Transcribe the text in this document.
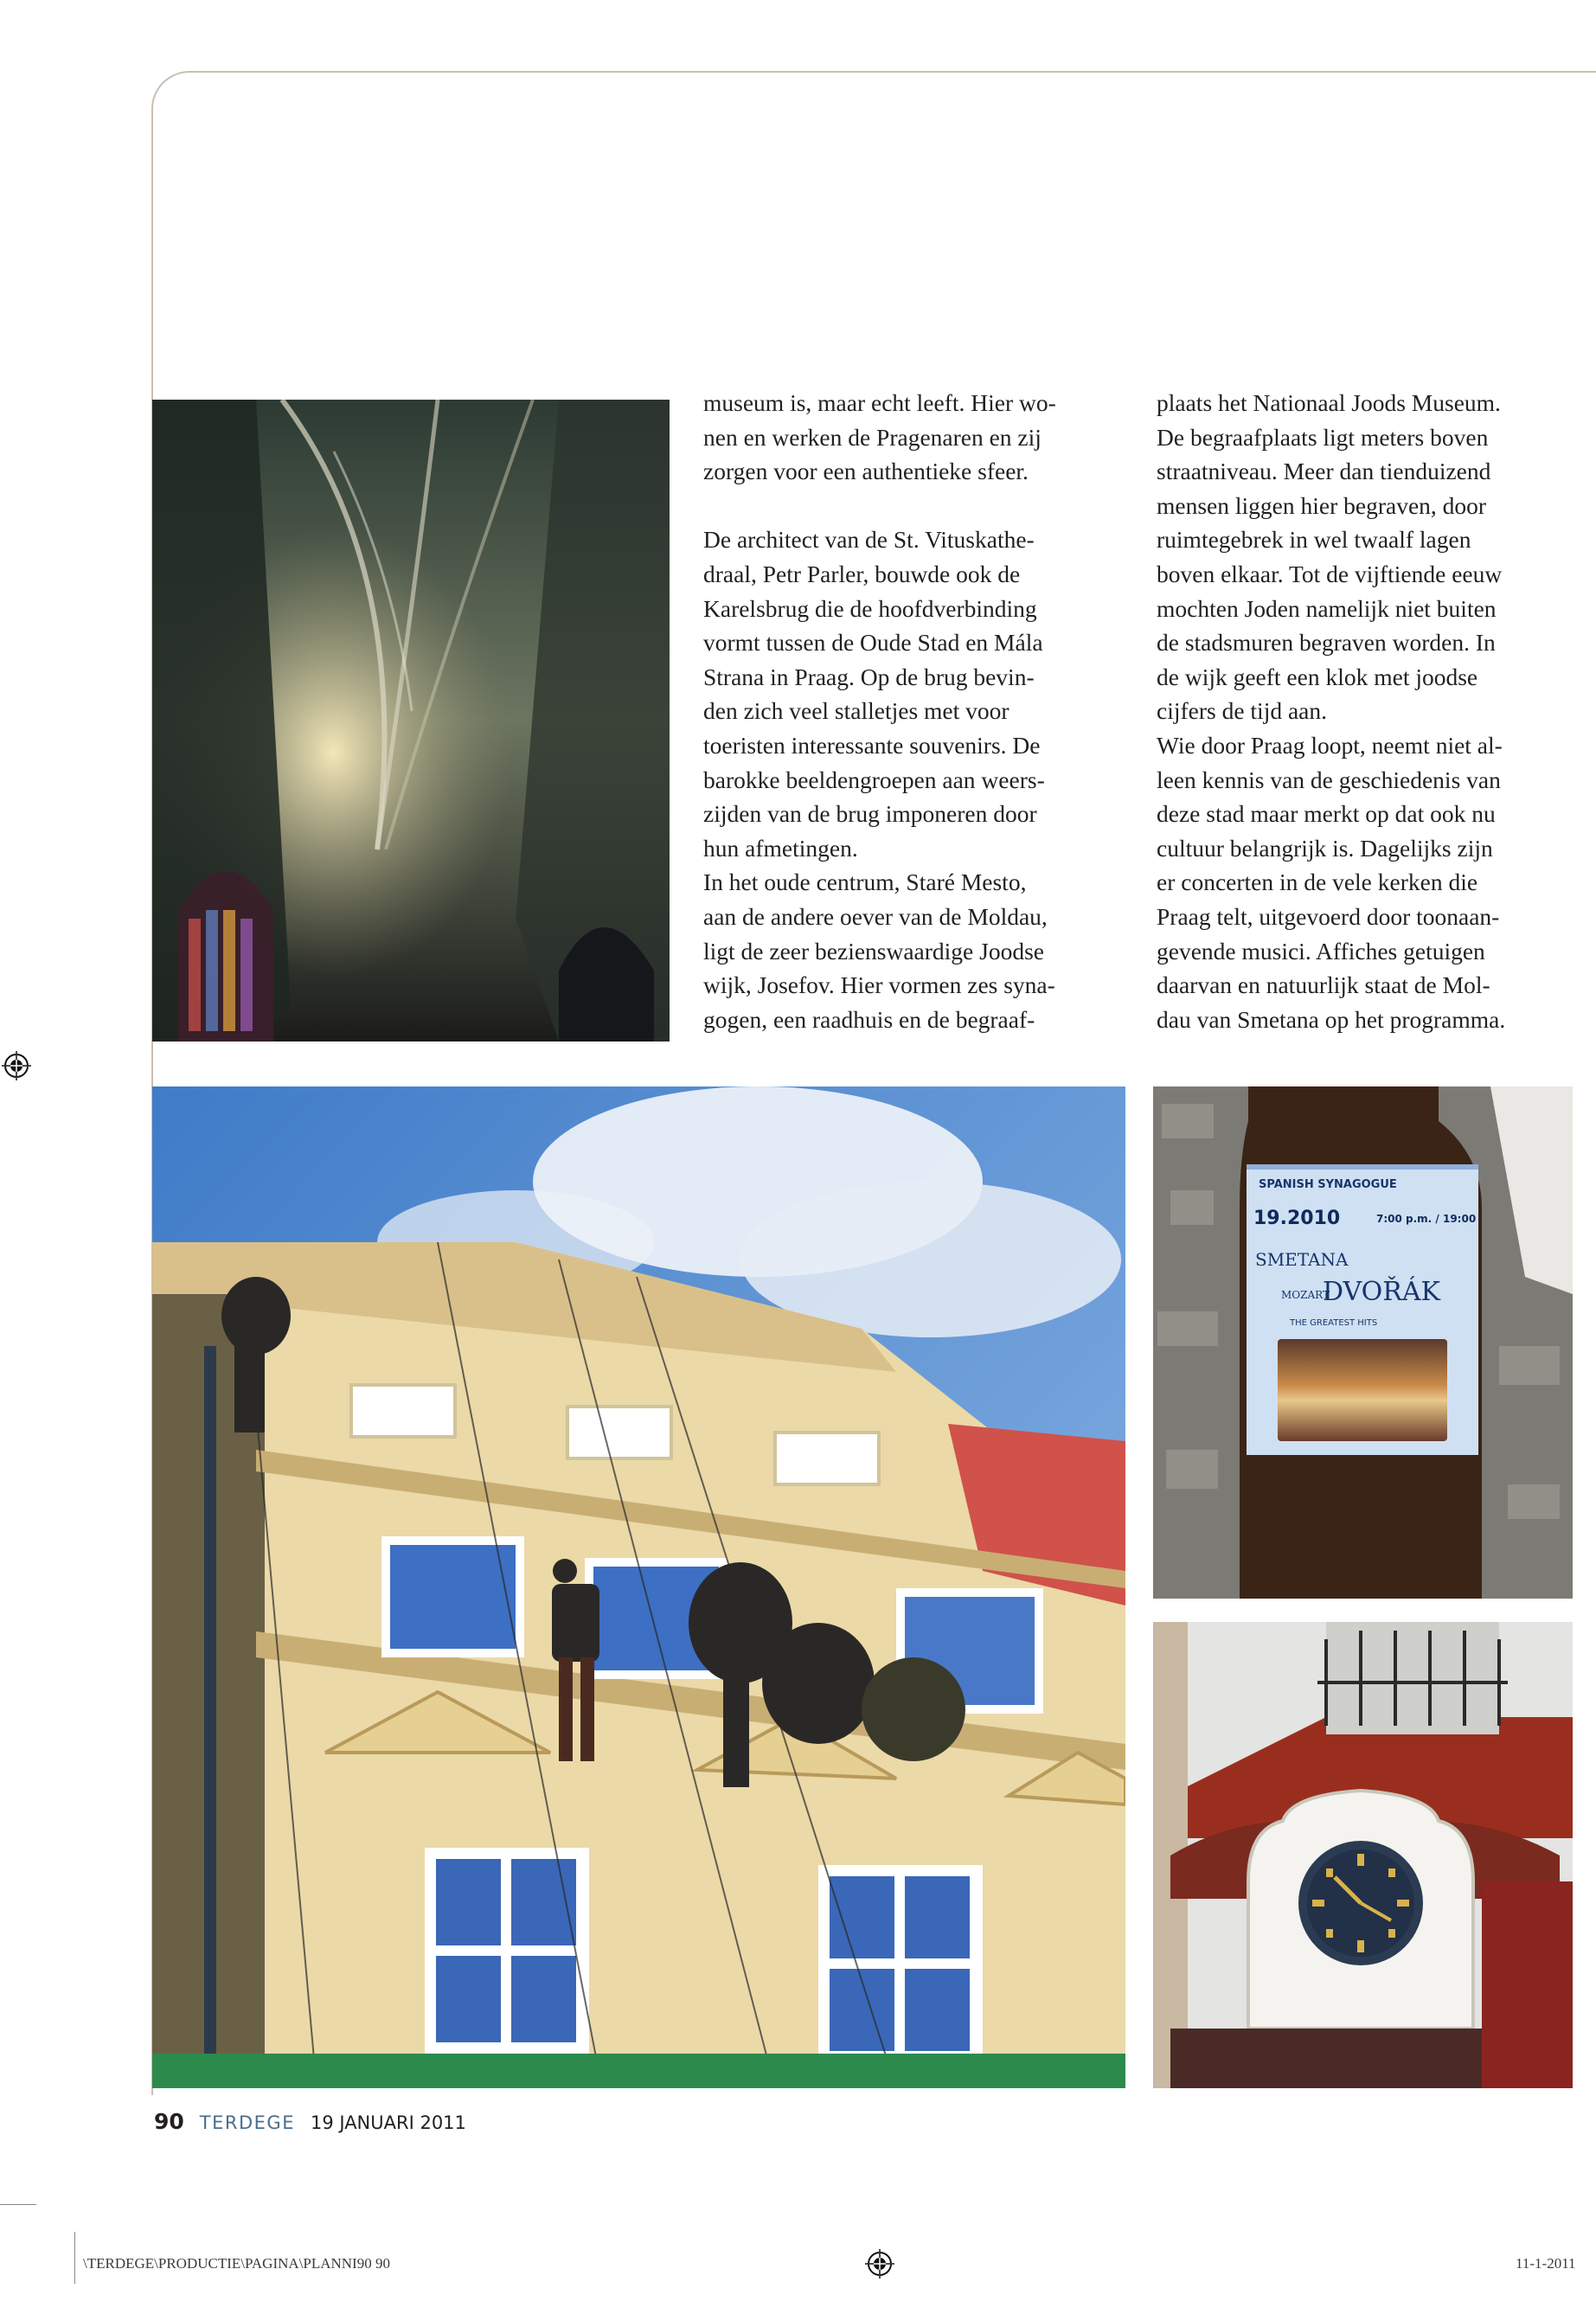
museum is, maar echt leeft. Hier wo-
nen en werken de Pragenaren en zij
zorgen voor een authentieke sfeer.

De architect van de St. Vituskathe-
draal, Petr Parler, bouwde ook de
Karelsbrug die de hoofdverbinding
vormt tussen de Oude Stad en Mála
Strana in Praag. Op de brug bevin-
den zich veel stalletjes met voor
toeristen interessante souvenirs. De
barokke beeldengroepen aan weers-
zijden van de brug imponeren door
hun afmetingen.

In het oude centrum, Staré Mesto,
aan de andere oever van de Moldau,
ligt de zeer bezienswaardige Joodse
wijk, Josefov. Hier vormen zes syna-
gogen, een raadhuis en de begraaf-

plaats het Nationaal Joods Museum.
De begraafplaats ligt meters boven
straatniveau. Meer dan tienduizend
mensen liggen hier begraven, door
ruimtegebrek in wel twaalf lagen
boven elkaar. Tot de vijftiende eeuw
mochten Joden namelijk niet buiten
de stadsmuren begraven worden. In
de wijk geeft een klok met joodse
cijfers de tijd aan.

Wie door Praag loopt, neemt niet al-
leen kennis van de geschiedenis van
deze stad maar merkt op dat ook nu
cultuur belangrijk is. Dagelijks zijn
er concerten in de vele kerken die
Praag telt, uitgevoerd door toonaan-
gevende musici. Affiches getuigen
daarvan en natuurlijk staat de Mol-
dau van Smetana op het programma.

SPANISH SYNAGOGUE
19.2010	7:00 p.m. / 19:00
SMETANA
MOZART
DVOŘÁK
THE GREATEST HITS
90 TERDEGE 19 JANUARI 2011
\TERDEGE\PRODUCTIE\PAGINA\PLANNI90 90	11-1-2011
